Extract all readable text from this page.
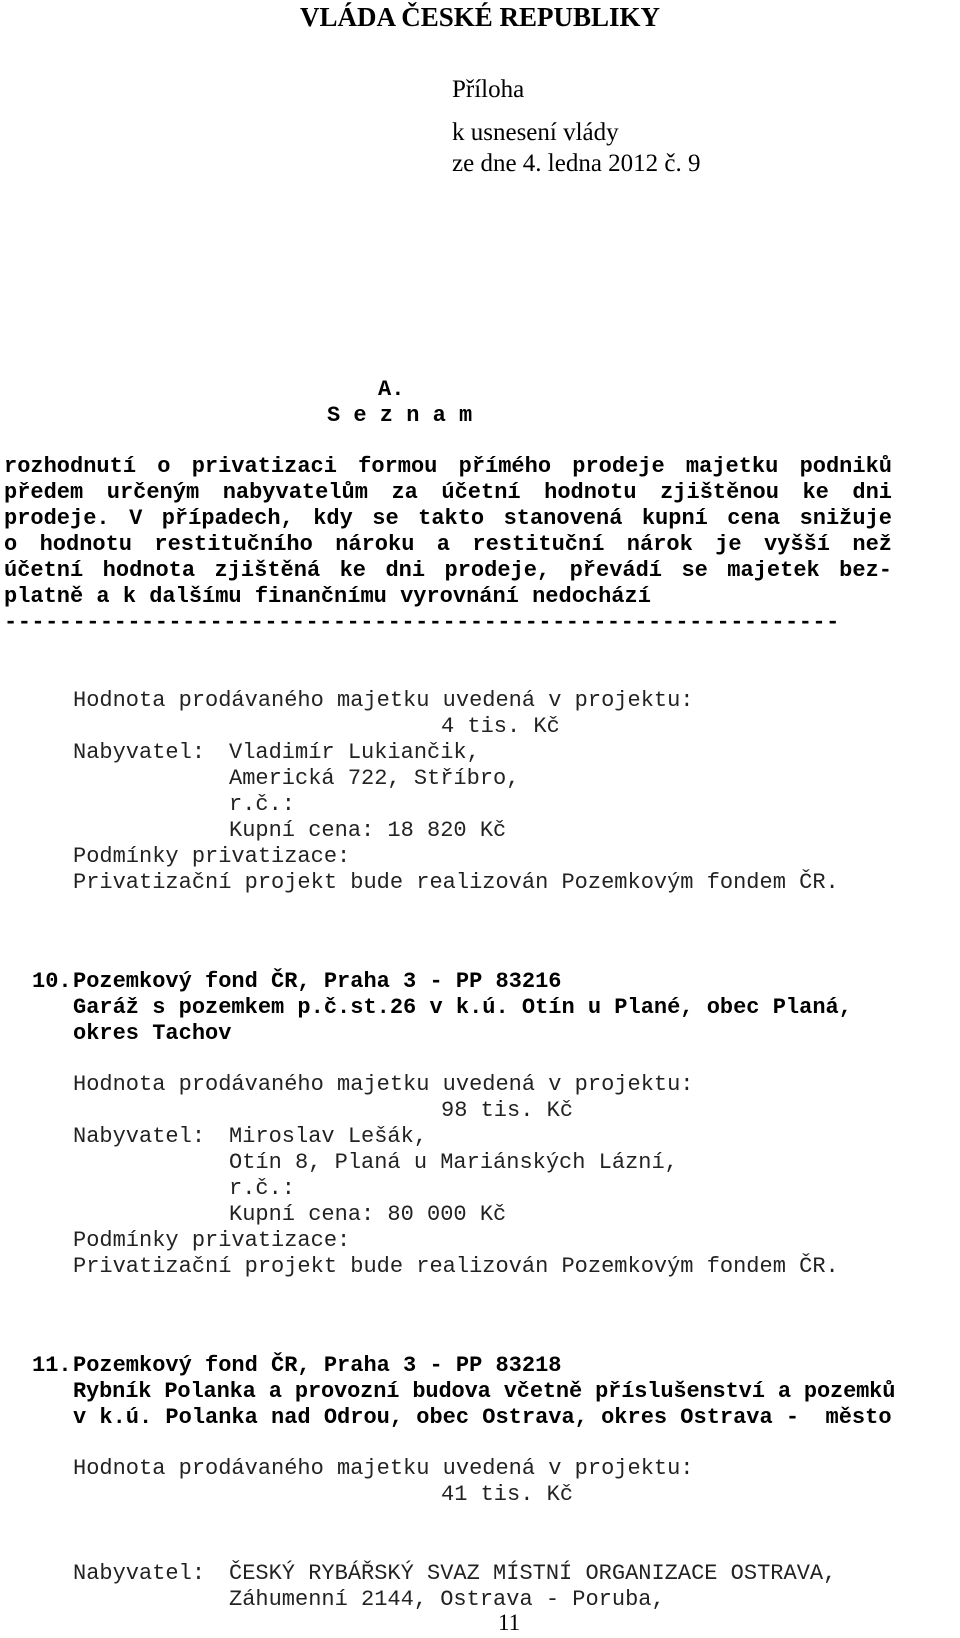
VLÁDA ČESKÉ REPUBLIKY
Příloha
k usnesení vlády
ze dne 4. ledna 2012 č. 9
A.
S e z n a m
rozhodnutí o privatizaci formou přímého prodeje majetku podniků
předem určeným nabyvatelům za účetní hodnotu zjištěnou ke dni
prodeje. V případech, kdy se takto stanovená kupní cena snižuje
o hodnotu restitučního nároku a restituční nárok je vyšší než
účetní hodnota zjištěná ke dni prodeje, převádí se majetek bez-
platně a k dalšímu finančnímu vyrovnání nedochází
-------------------------------------------------------------
Hodnota prodávaného majetku uvedená v projektu:
4 tis. Kč
Nabyvatel: Vladimír Lukiančik,
Americká 722, Stříbro,
r.č.:
Kupní cena: 18 820 Kč
Podmínky privatizace:
Privatizační projekt bude realizován Pozemkovým fondem ČR.
10. Pozemkový fond ČR, Praha 3 - PP 83216
Garáž s pozemkem p.č.st.26 v k.ú. Otín u Plané, obec Planá,
okres Tachov
Hodnota prodávaného majetku uvedená v projektu:
98 tis. Kč
Nabyvatel: Miroslav Lešák,
Otín 8, Planá u Mariánských Lázní,
r.č.:
Kupní cena: 80 000 Kč
Podmínky privatizace:
Privatizační projekt bude realizován Pozemkovým fondem ČR.
11. Pozemkový fond ČR, Praha 3 - PP 83218
Rybník Polanka a provozní budova včetně příslušenství a pozemků
v k.ú. Polanka nad Odrou, obec Ostrava, okres Ostrava -  město
Hodnota prodávaného majetku uvedená v projektu:
41 tis. Kč
Nabyvatel: ČESKÝ RYBÁŘSKÝ SVAZ MÍSTNÍ ORGANIZACE OSTRAVA,
Záhumenní 2144, Ostrava - Poruba,
11
